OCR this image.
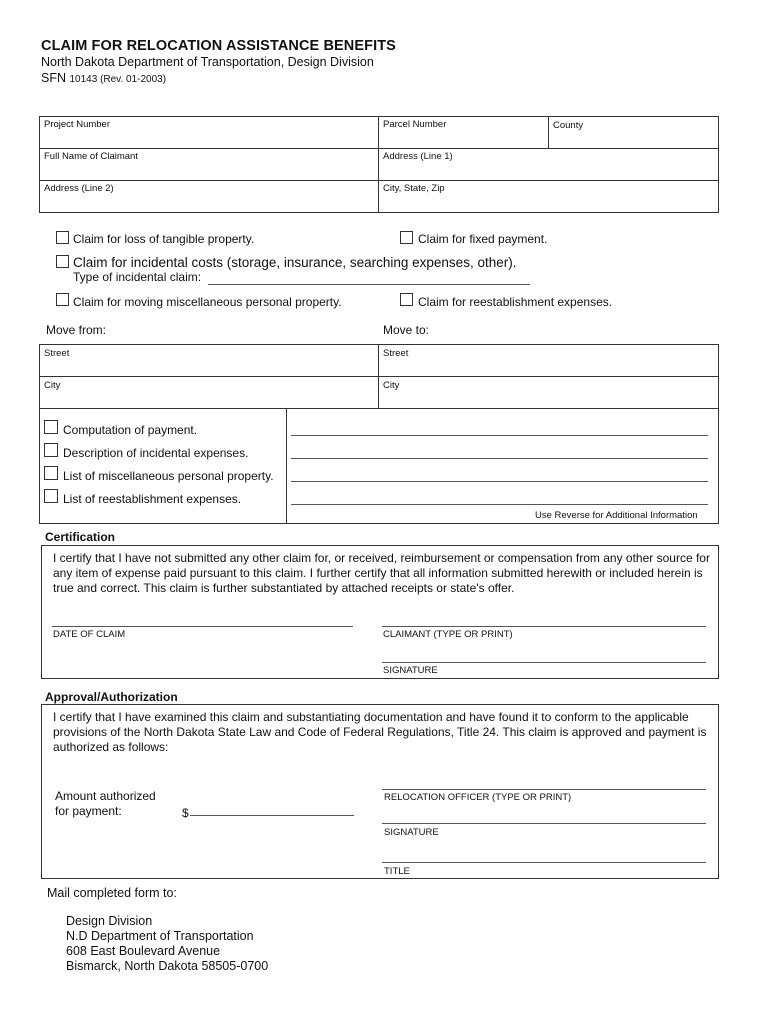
CLAIM FOR RELOCATION ASSISTANCE BENEFITS
North Dakota Department of Transportation, Design Division
SFN 10143 (Rev. 01-2003)
Project Number	Parcel Number	County
Full Name of Claimant	Address (Line 1)
Address (Line 2)	City, State, Zip
Claim for loss of tangible property.	Claim for fixed payment.
Claim for incidental costs (storage, insurance, searching expenses, other).
Type of incidental claim:
Claim for moving miscellaneous personal property.	Claim for reestablishment expenses.
Move from:	Move to:
Street	Street
City	City
Computation of payment.
Description of incidental expenses.
List of miscellaneous personal property.
List of reestablishment expenses.
Use Reverse for Additional Information
Certification
I certify that I have not submitted any other claim for, or received, reimbursement or compensation from any other source for any item of expense paid pursuant to this claim. I further certify that all information submitted herewith or included herein is true and correct. This claim is further substantiated by attached receipts or state's offer.
DATE OF CLAIM	CLAIMANT (TYPE OR PRINT)
SIGNATURE
Approval/Authorization
I certify that I have examined this claim and substantiating documentation and have found it to conform to the applicable provisions of the North Dakota State Law and Code of Federal Regulations, Title 24. This claim is approved and payment is authorized as follows:
Amount authorized
for payment:	$
RELOCATION OFFICER (TYPE OR PRINT)
SIGNATURE
TITLE
Mail completed form to:
Design Division
N.D Department of Transportation
608 East Boulevard Avenue
Bismarck, North Dakota 58505-0700
